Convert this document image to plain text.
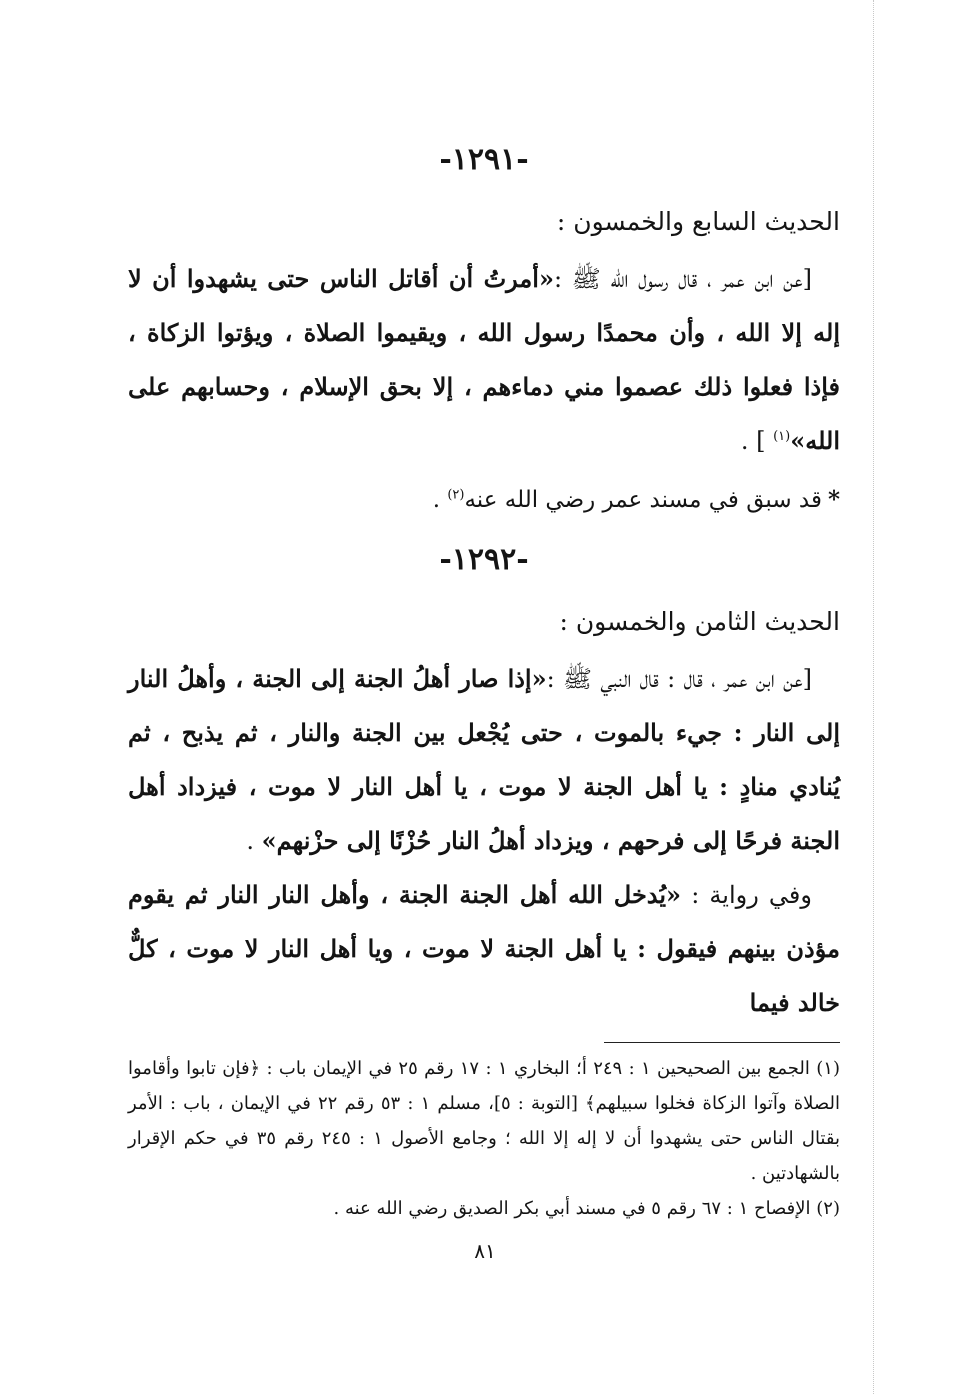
-١٢٩١-
الحديث السابع والخمسون :

[عن ابن عمر ، قال رسول الله ﷺ :«أمرتُ أن أقاتل الناس حتى يشهدوا أن لا إله إلا الله ، وأن محمدًا رسول الله ، ويقيموا الصلاة ، ويؤتوا الزكاة ، فإذا فعلوا ذلك عصموا مني دماءهم ، إلا بحق الإسلام ، وحسابهم على الله»$^{(١)}$ ] .

*قد سبق في مسند عمر رضي الله عنه$^{(٢)}$ .
-١٢٩٢-
الحديث الثامن والخمسون :

[عن ابن عمر ، قال : قال النبي ﷺ :«إذا صار أهلُ الجنة إلى الجنة ، وأهلُ النار إلى النار : جيء بالموت ، حتى يُجْعل بين الجنة والنار ، ثم يذبح ، ثم يُنادي منادٍ : يا أهل الجنة لا موت ، يا أهل النار لا موت ، فيزداد أهل الجنة فرحًا إلى فرحهم ، ويزداد أهلُ النار حُزْنًا إلى حزْنهم» .

وفي رواية : «يُدخل الله أهل الجنة الجنة ، وأهل النار النار ثم يقوم مؤذن بينهم فيقول : يا أهل الجنة لا موت ، ويا أهل النار لا موت ، كلٌّ خالد فيما

(١) الجمع بين الصحيحين ١ : ٢٤٩ أ؛ البخاري ١ : ١٧ رقم ٢٥ في الإيمان باب : ﴿فإن تابوا وأقاموا الصلاة وآتوا الزكاة فخلوا سبيلهم﴾ [التوبة : ٥]، مسلم ١ : ٥٣ رقم ٢٢ في الإيمان ، باب : الأمر بقتال الناس حتى يشهدوا أن لا إله إلا الله ؛ وجامع الأصول ١ : ٢٤٥ رقم ٣٥ في حكم الإقرار بالشهادتين .

(٢) الإفصاح ١ : ٦٧ رقم ٥ في مسند أبي بكر الصديق رضي الله عنه .

٨١
